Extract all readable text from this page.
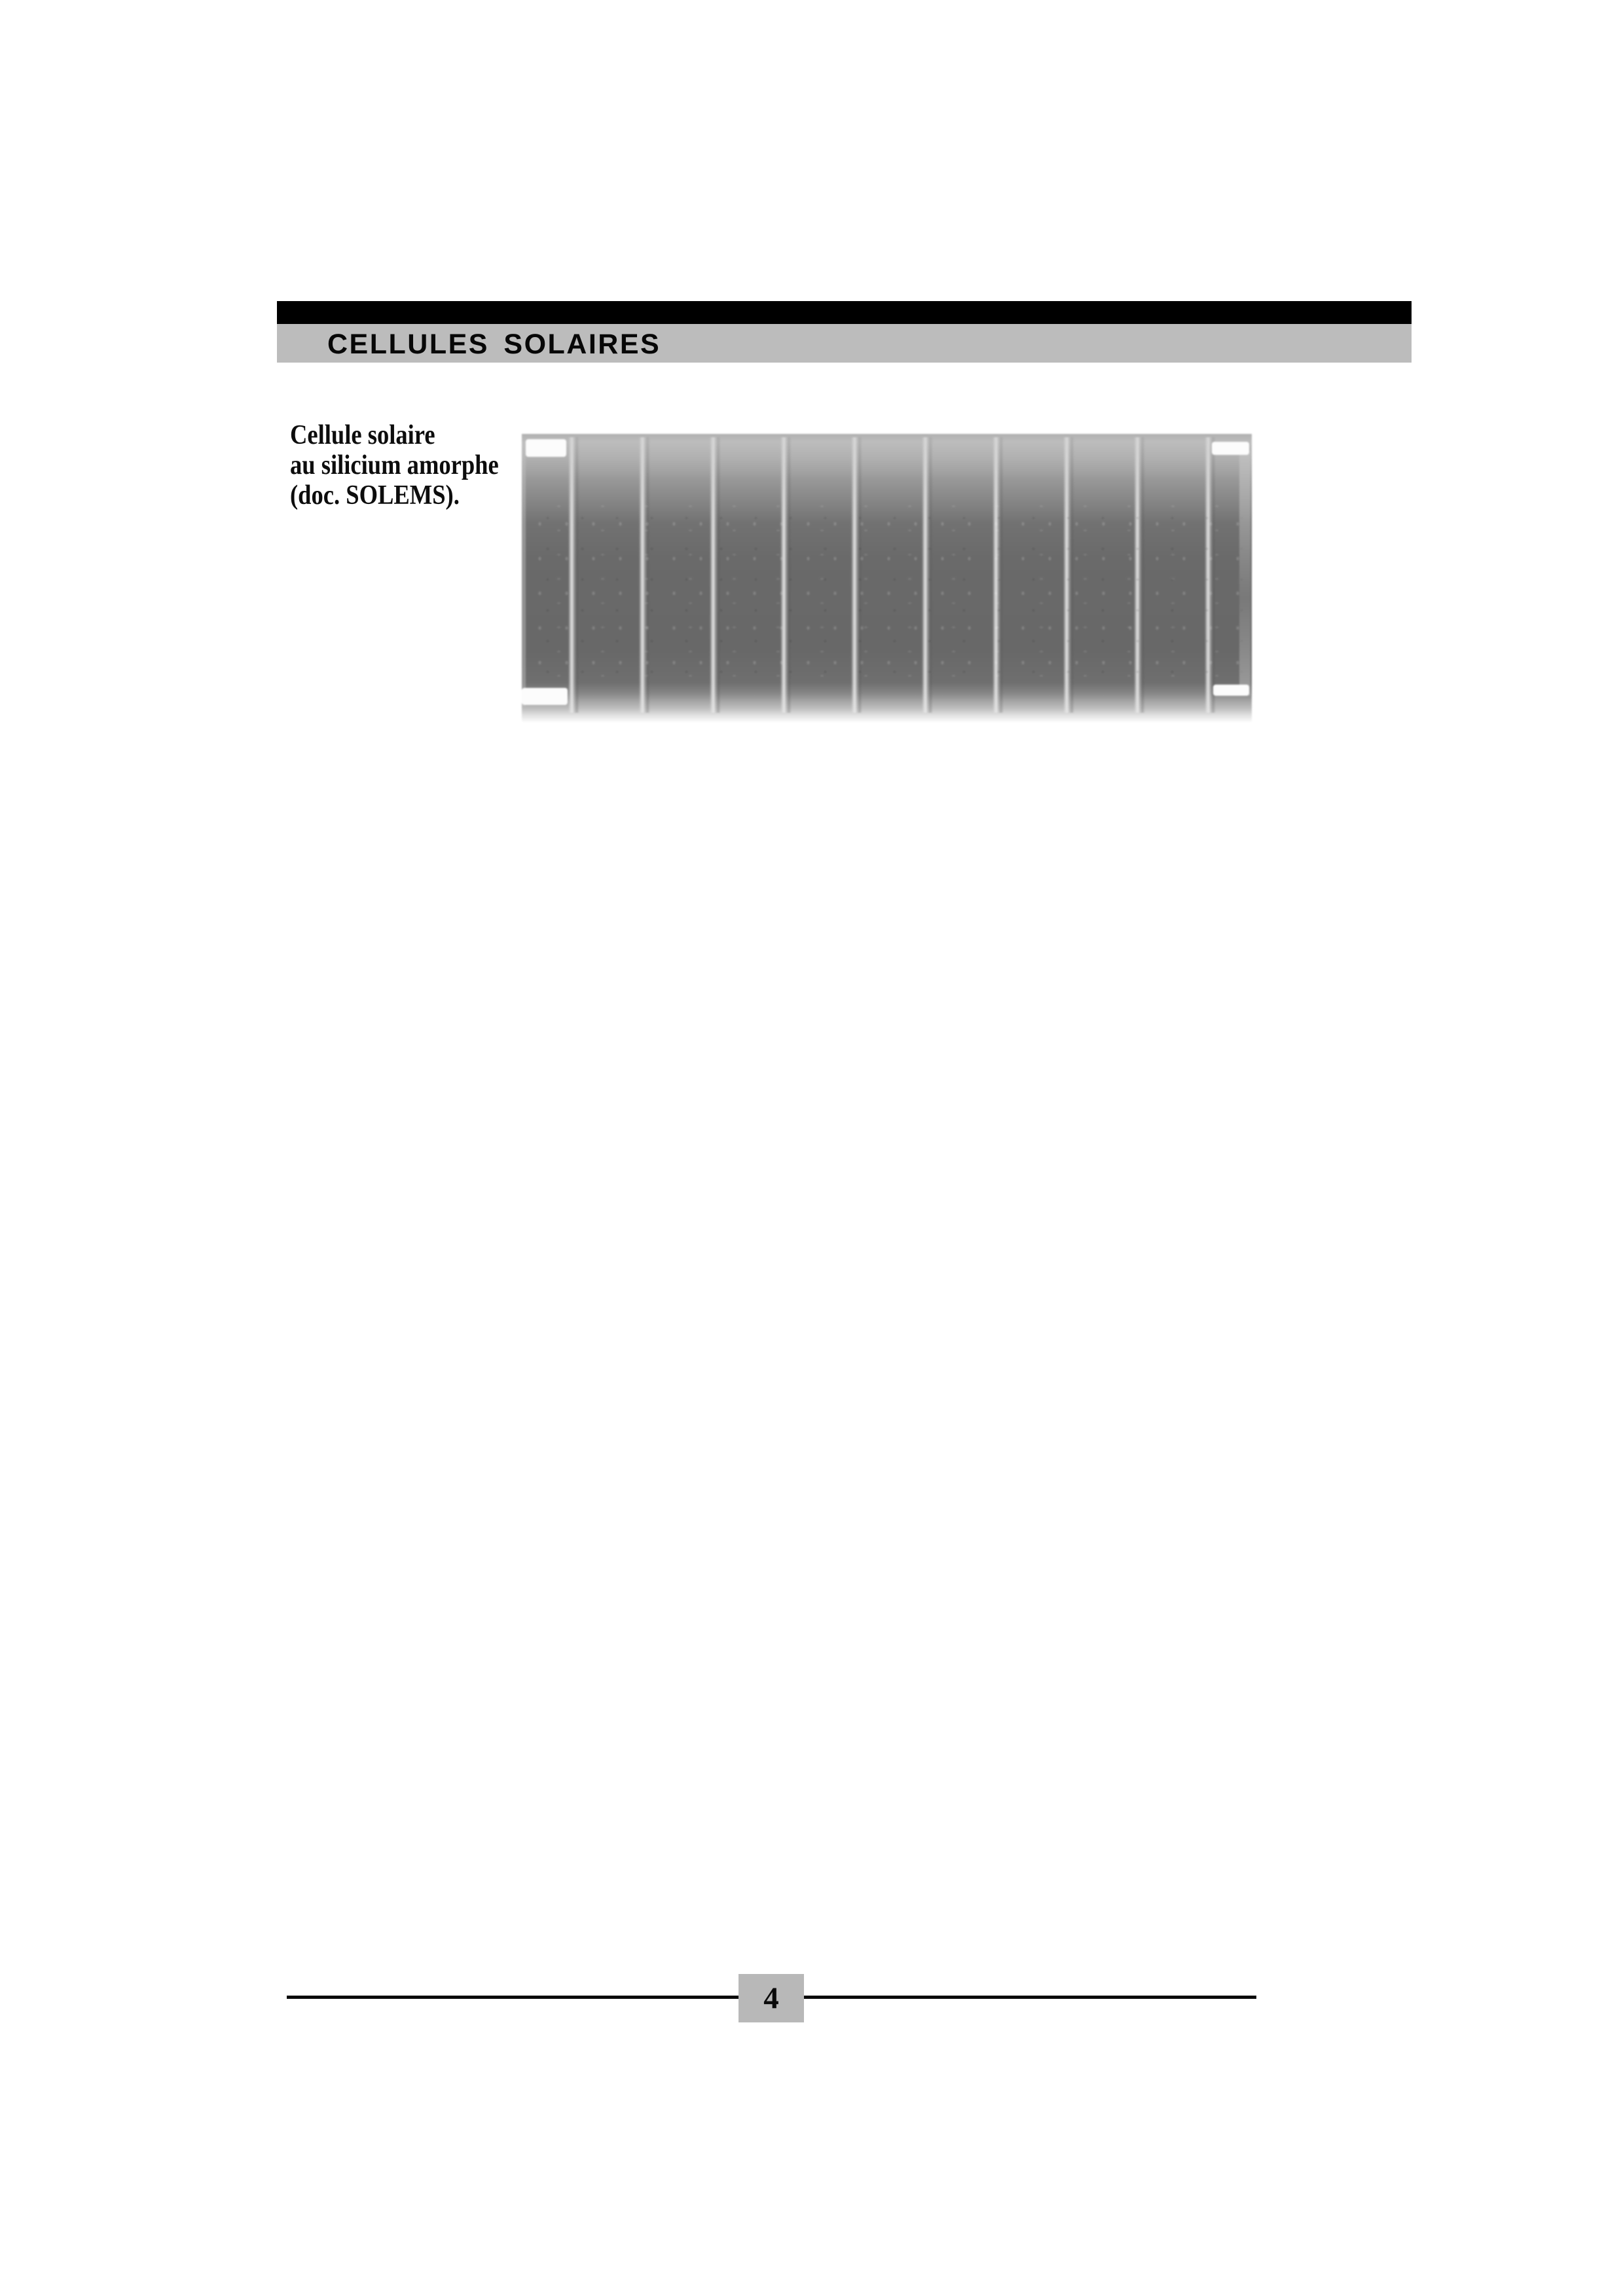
CELLULES SOLAIRES
Cellule solaire
au silicium amorphe
(doc. SOLEMS).
4
